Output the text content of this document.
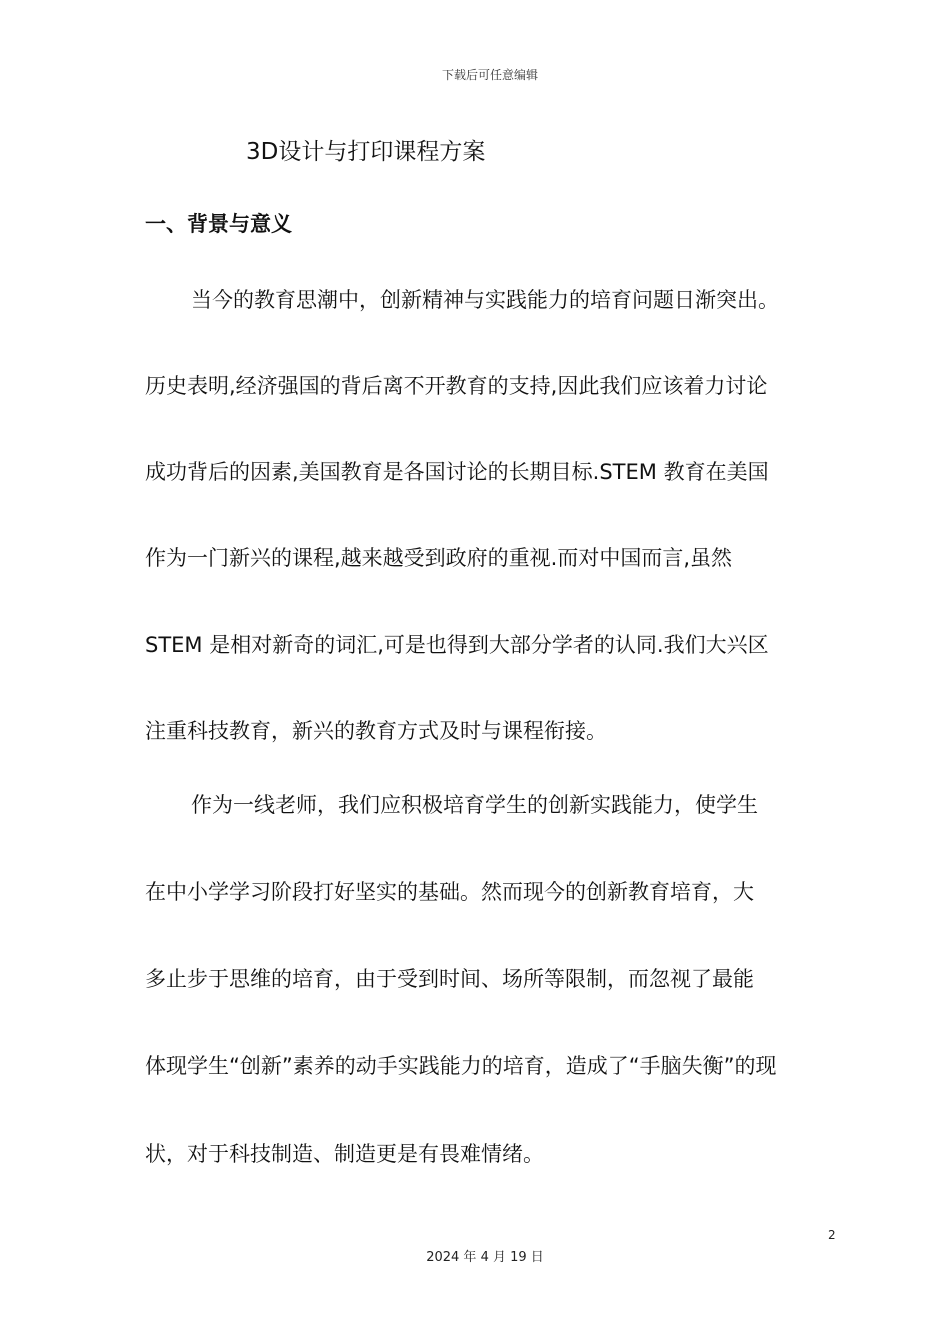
下载后可任意编辑
3D设计与打印课程方案
一、背景与意义
当今的教育思潮中，创新精神与实践能力的培育问题日渐突出。
历史表明,经济强国的背后离不开教育的支持,因此我们应该着力讨论
成功背后的因素,美国教育是各国讨论的长期目标.STEM 教育在美国
作为一门新兴的课程,越来越受到政府的重视.而对中国而言,虽然
STEM 是相对新奇的词汇,可是也得到大部分学者的认同.我们大兴区
注重科技教育，新兴的教育方式及时与课程衔接。
作为一线老师，我们应积极培育学生的创新实践能力，使学生
在中小学学习阶段打好坚实的基础。然而现今的创新教育培育，大
多止步于思维的培育，由于受到时间、场所等限制，而忽视了最能
体现学生“创新”素养的动手实践能力的培育，造成了“手脑失衡”的现
状，对于科技制造、制造更是有畏难情绪。
2
2024 年 4 月 19 日
